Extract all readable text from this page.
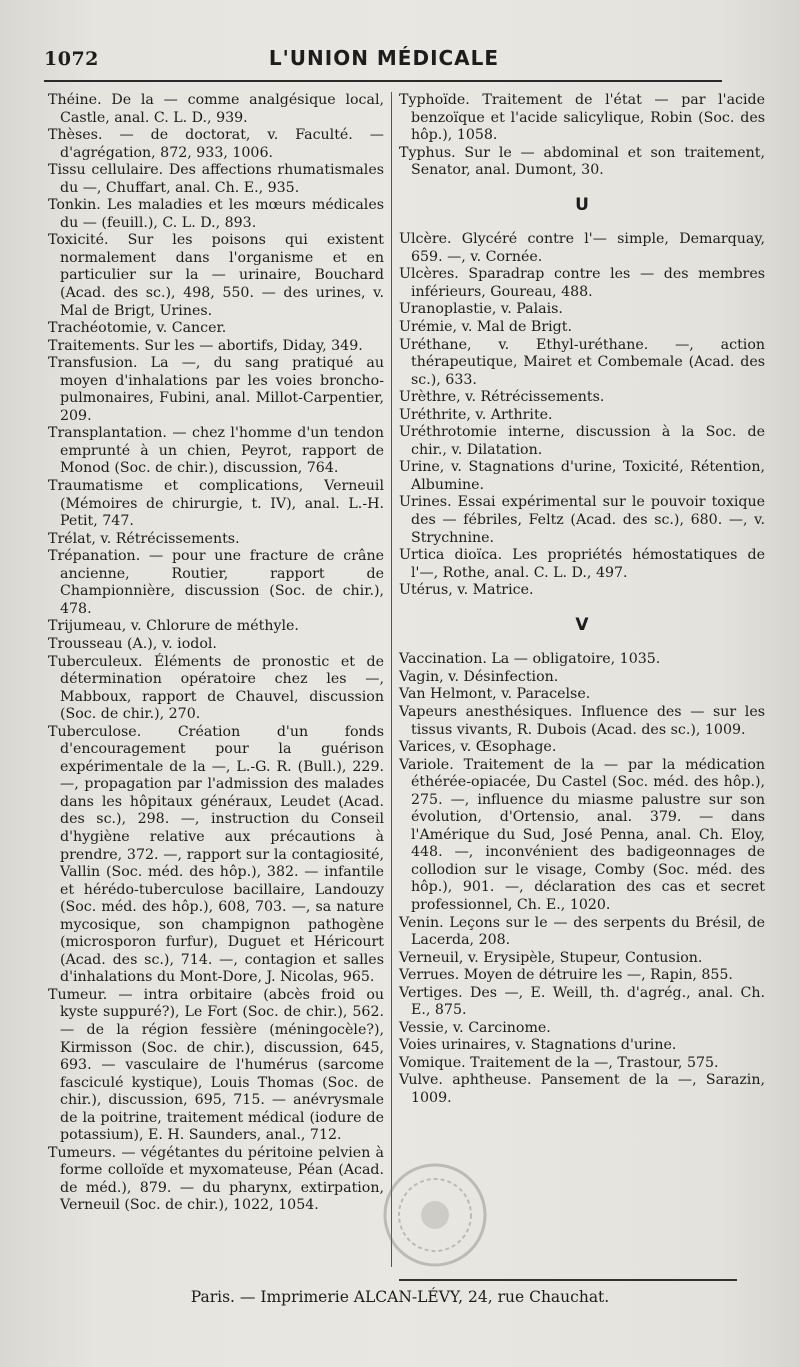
1072	L'UNION MÉDICALE

Théine. De la — comme analgésique local, Castle, anal. C. L. D., 939.

Thèses. — de doctorat, v. Faculté. — d'agrégation, 872, 933, 1006.

Tissu cellulaire. Des affections rhumatismales du —, Chuffart, anal. Ch. E., 935.

Tonkin. Les maladies et les mœurs médicales du — (feuill.), C. L. D., 893.

Toxicité. Sur les poisons qui existent normalement dans l'organisme et en particulier sur la — urinaire, Bouchard (Acad. des sc.), 498, 550. — des urines, v. Mal de Brigt, Urines.

Trachéotomie, v. Cancer.

Traitements. Sur les — abortifs, Diday, 349.

Transfusion. La —, du sang pratiqué au moyen d'inhalations par les voies broncho-pulmonaires, Fubini, anal. Millot-Carpentier, 209.

Transplantation. — chez l'homme d'un tendon emprunté à un chien, Peyrot, rapport de Monod (Soc. de chir.), discussion, 764.

Traumatisme et complications, Verneuil (Mémoires de chirurgie, t. IV), anal. L.-H. Petit, 747.

Trélat, v. Rétrécissements.

Trépanation. — pour une fracture de crâne ancienne, Routier, rapport de Championnière, discussion (Soc. de chir.), 478.

Trijumeau, v. Chlorure de méthyle.

Trousseau (A.), v. iodol.

Tuberculeux. Éléments de pronostic et de détermination opératoire chez les —, Mabboux, rapport de Chauvel, discussion (Soc. de chir.), 270.

Tuberculose. Création d'un fonds d'encouragement pour la guérison expérimentale de la —, L.-G. R. (Bull.), 229. —, propagation par l'admission des malades dans les hôpitaux généraux, Leudet (Acad. des sc.), 298. —, instruction du Conseil d'hygiène relative aux précautions à prendre, 372. —, rapport sur la contagiosité, Vallin (Soc. méd. des hôp.), 382. — infantile et hérédo-tuberculose bacillaire, Landouzy (Soc. méd. des hôp.), 608, 703. —, sa nature mycosique, son champignon pathogène (microsporon furfur), Duguet et Héricourt (Acad. des sc.), 714. —, contagion et salles d'inhalations du Mont-Dore, J. Nicolas, 965.

Tumeur. — intra orbitaire (abcès froid ou kyste suppuré?), Le Fort (Soc. de chir.), 562. — de la région fessière (méningocèle?), Kirmisson (Soc. de chir.), discussion, 645, 693. — vasculaire de l'humérus (sarcome fasciculé kystique), Louis Thomas (Soc. de chir.), discussion, 695, 715. — anévrysmale de la poitrine, traitement médical (iodure de potassium), E. H. Saunders, anal., 712.

Tumeurs. — végétantes du péritoine pelvien à forme colloïde et myxomateuse, Péan (Acad. de méd.), 879. — du pharynx, extirpation, Verneuil (Soc. de chir.), 1022, 1054.

Typhoïde. Traitement de l'état — par l'acide benzoïque et l'acide salicylique, Robin (Soc. des hôp.), 1058.

Typhus. Sur le — abdominal et son traitement, Senator, anal. Dumont, 30.

U

Ulcère. Glycéré contre l'— simple, Demarquay, 659. —, v. Cornée.

Ulcères. Sparadrap contre les — des membres inférieurs, Goureau, 488.

Uranoplastie, v. Palais.

Urémie, v. Mal de Brigt.

Uréthane, v. Ethyl-uréthane. —, action thérapeutique, Mairet et Combemale (Acad. des sc.), 633.

Urèthre, v. Rétrécissements.

Uréthrite, v. Arthrite.

Uréthrotomie interne, discussion à la Soc. de chir., v. Dilatation.

Urine, v. Stagnations d'urine, Toxicité, Rétention, Albumine.

Urines. Essai expérimental sur le pouvoir toxique des — fébriles, Feltz (Acad. des sc.), 680. —, v. Strychnine.

Urtica dioïca. Les propriétés hémostatiques de l'—, Rothe, anal. C. L. D., 497.

Utérus, v. Matrice.

V

Vaccination. La — obligatoire, 1035.

Vagin, v. Désinfection.

Van Helmont, v. Paracelse.

Vapeurs anesthésiques. Influence des — sur les tissus vivants, R. Dubois (Acad. des sc.), 1009.

Varices, v. Œsophage.

Variole. Traitement de la — par la médication éthérée-opiacée, Du Castel (Soc. méd. des hôp.), 275. —, influence du miasme palustre sur son évolution, d'Ortensio, anal. 379. — dans l'Amérique du Sud, José Penna, anal. Ch. Eloy, 448. —, inconvénient des badigeonnages de collodion sur le visage, Comby (Soc. méd. des hôp.), 901. —, déclaration des cas et secret professionnel, Ch. E., 1020.

Venin. Leçons sur le — des serpents du Brésil, de Lacerda, 208.

Verneuil, v. Erysipèle, Stupeur, Contusion.

Verrues. Moyen de détruire les —, Rapin, 855.

Vertiges. Des —, E. Weill, th. d'agrég., anal. Ch. E., 875.

Vessie, v. Carcinome.

Voies urinaires, v. Stagnations d'urine.

Vomique. Traitement de la —, Trastour, 575.

Vulve. aphtheuse. Pansement de la —, Sarazin, 1009.

Paris. — Imprimerie ALCAN-LÉVY, 24, rue Chauchat.
